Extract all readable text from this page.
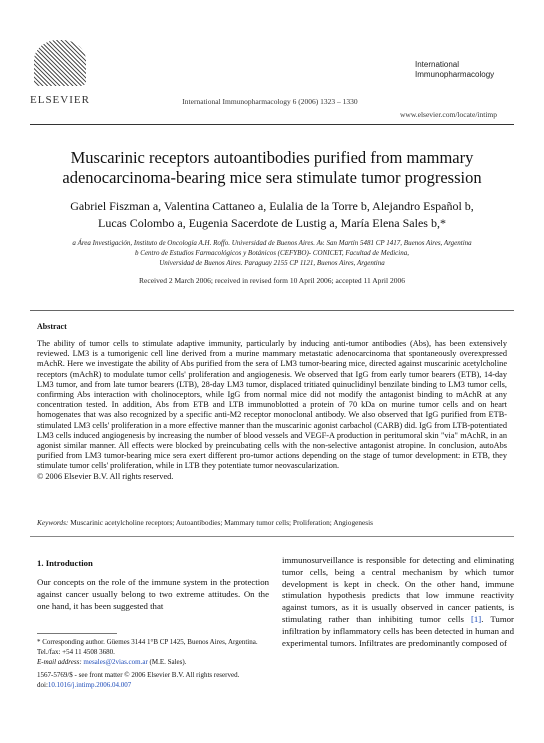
ELSEVIER	International Immunopharmacology 6 (2006) 1323 – 1330
International
Immunopharmacology
www.elsevier.com/locate/intimp
Muscarinic receptors autoantibodies purified from mammary
adenocarcinoma-bearing mice sera stimulate tumor progression
Gabriel Fiszman a, Valentina Cattaneo a, Eulalia de la Torre b, Alejandro Español b,
Lucas Colombo a, Eugenia Sacerdote de Lustig a, María Elena Sales b,*
a Área Investigación, Instituto de Oncología A.H. Roffo. Universidad de Buenos Aires. Av. San Martín 5481 CP 1417, Buenos Aires, Argentina
b Centro de Estudios Farmacológicos y Botánicos (CEFYBO)- CONICET, Facultad de Medicina,
Universidad de Buenos Aires. Paraguay 2155 CP 1121, Buenos Aires, Argentina
Received 2 March 2006; received in revised form 10 April 2006; accepted 11 April 2006
Abstract
The ability of tumor cells to stimulate adaptive immunity, particularly by inducing anti-tumor antibodies (Abs), has been extensively reviewed. LM3 is a tumorigenic cell line derived from a murine mammary metastatic adenocarcinoma that spontaneously overexpressed mAchR. Here we investigate the ability of Abs purified from the sera of LM3 tumor-bearing mice, directed against muscarinic acetylcholine receptors (mAchR) to modulate tumor cells' proliferation and angiogenesis. We observed that IgG from early tumor bearers (ETB), 14-day LM3 tumor, and from late tumor bearers (LTB), 28-day LM3 tumor, displaced tritiated quinuclidinyl benzilate binding to LM3 tumor cells, confirming Abs interaction with cholinoceptors, while IgG from normal mice did not modify the antagonist binding to mAchR at any concentration tested. In addition, Abs from ETB and LTB immunoblotted a protein of 70 kDa on murine tumor cells and on heart homogenates that was also recognized by a specific anti-M2 receptor monoclonal antibody. We also observed that IgG purified from ETB-stimulated LM3 cells' proliferation in a more effective manner than the muscarinic agonist carbachol (CARB) did. IgG from LTB-potentiated LM3 cells induced angiogenesis by increasing the number of blood vessels and VEGF-A production in peritumoral skin "via" mAchR, in an agonist similar manner. All effects were blocked by preincubating cells with the non-selective antagonist atropine. In conclusion, autoAbs purified from LM3 tumor-bearing mice sera exert different pro-tumor actions depending on the stage of tumor development: in ETB, they stimulate tumor cells' proliferation, while in LTB they potentiate tumor neovascularization.
© 2006 Elsevier B.V. All rights reserved.
Keywords: Muscarinic acetylcholine receptors; Autoantibodies; Mammary tumor cells; Proliferation; Angiogenesis
1. Introduction
Our concepts on the role of the immune system in the protection against cancer usually belong to two extreme attitudes. On the one hand, it has been suggested that
immunosurveillance is responsible for detecting and eliminating tumor cells, being a central mechanism by which tumor development is kept in check. On the other hand, immune stimulation hypothesis predicts that low immune reactivity against tumors, as it is usually observed in cancer patients, is stimulating rather than inhibiting tumor cells [1]. Tumor infiltration by inflammatory cells has been detected in human and experimental tumors. Infiltrates are predominantly composed of
* Corresponding author. Güemes 3144 1°B CP 1425, Buenos Aires, Argentina. Tel./fax: +54 11 4508 3680.
E-mail address: mesales@2vias.com.ar (M.E. Sales).
1567-5769/$ - see front matter © 2006 Elsevier B.V. All rights reserved.
doi:10.1016/j.intimp.2006.04.007
